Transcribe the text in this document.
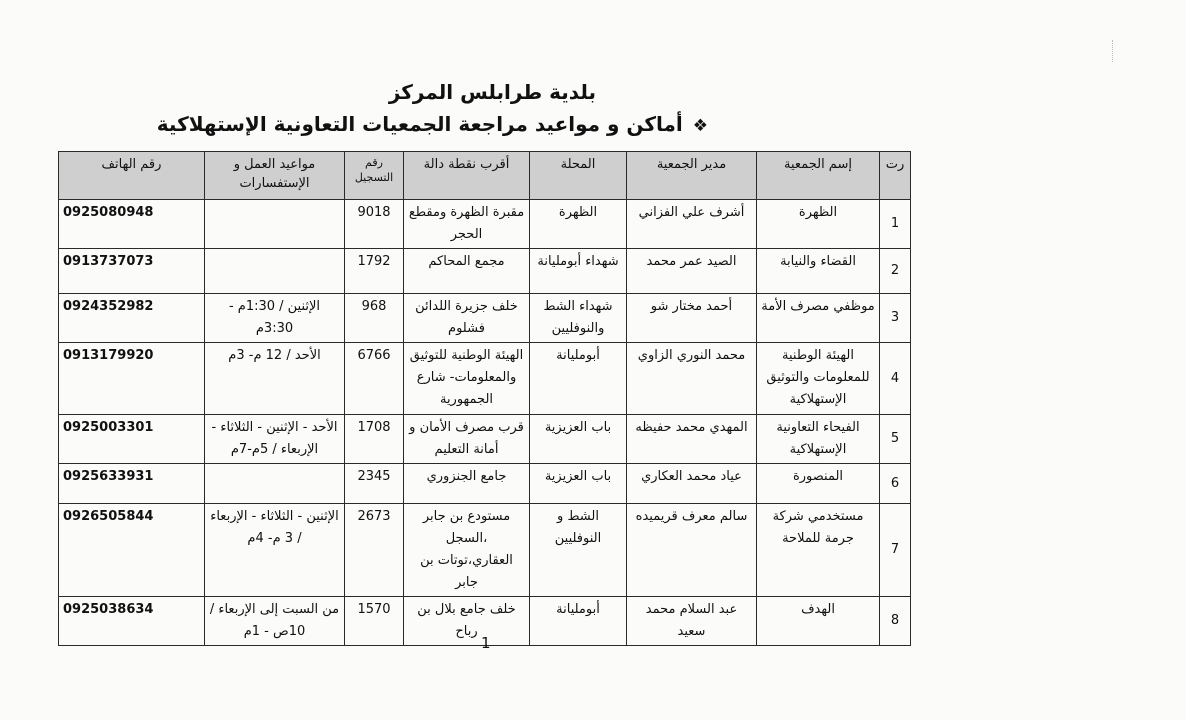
بلدية طرابلس المركز
❖أماكن و مواعيد مراجعة الجمعيات التعاونية الإستهلاكية
رت	إسم الجمعية	مدير الجمعية	المحلة	أقرب نقطة دالة	رقم التسجيل	مواعيد العمل و الإستفسارات	رقم الهاتف
1	الظهرة	أشرف علي الفزاني	الظهرة	مقبرة الظهرة ومقطع الحجر	9018		0925080948
2	القضاء والنيابة	الصيد عمر محمد	شهداء أبومليانة	مجمع المحاكم	1792		0913737073
3	موظفي مصرف الأمة	أحمد مختار شو	شهداء الشط والنوفليين	خلف جزيرة اللدائن فشلوم	968	الإثنين / 1:30م - 3:30م	0924352982
4	الهيئة الوطنية للمعلومات والتوثيق الإستهلاكية	محمد النوري الزاوي	أبومليانة	الهيئة الوطنية للتوثيق والمعلومات- شارع الجمهورية	6766	الأحد / 12 م- 3م	0913179920
5	الفيحاء التعاونية الإستهلاكية	المهدي محمد حفيظه	باب العزيزية	قرب مصرف الأمان و أمانة التعليم	1708	الأحد - الإثنين - الثلاثاء - الإربعاء / 5م-7م	0925003301
6	المنصورة	عياد محمد العكاري	باب العزيزية	جامع الجنزوري	2345		0925633931
7	مستخدمي شركة جرمة للملاحة	سالم معرف قريميده	الشط و النوفليين	مستودع بن جابر ،السجل العقاري،توتات بن جابر	2673	الإثنين - الثلاثاء - الإربعاء / 3 م- 4م	0926505844
8	الهدف	عبد السلام محمد سعيد	أبومليانة	خلف جامع بلال بن رباح	1570	من السبت إلى الإربعاء / 10ص - 1م	0925038634
1
